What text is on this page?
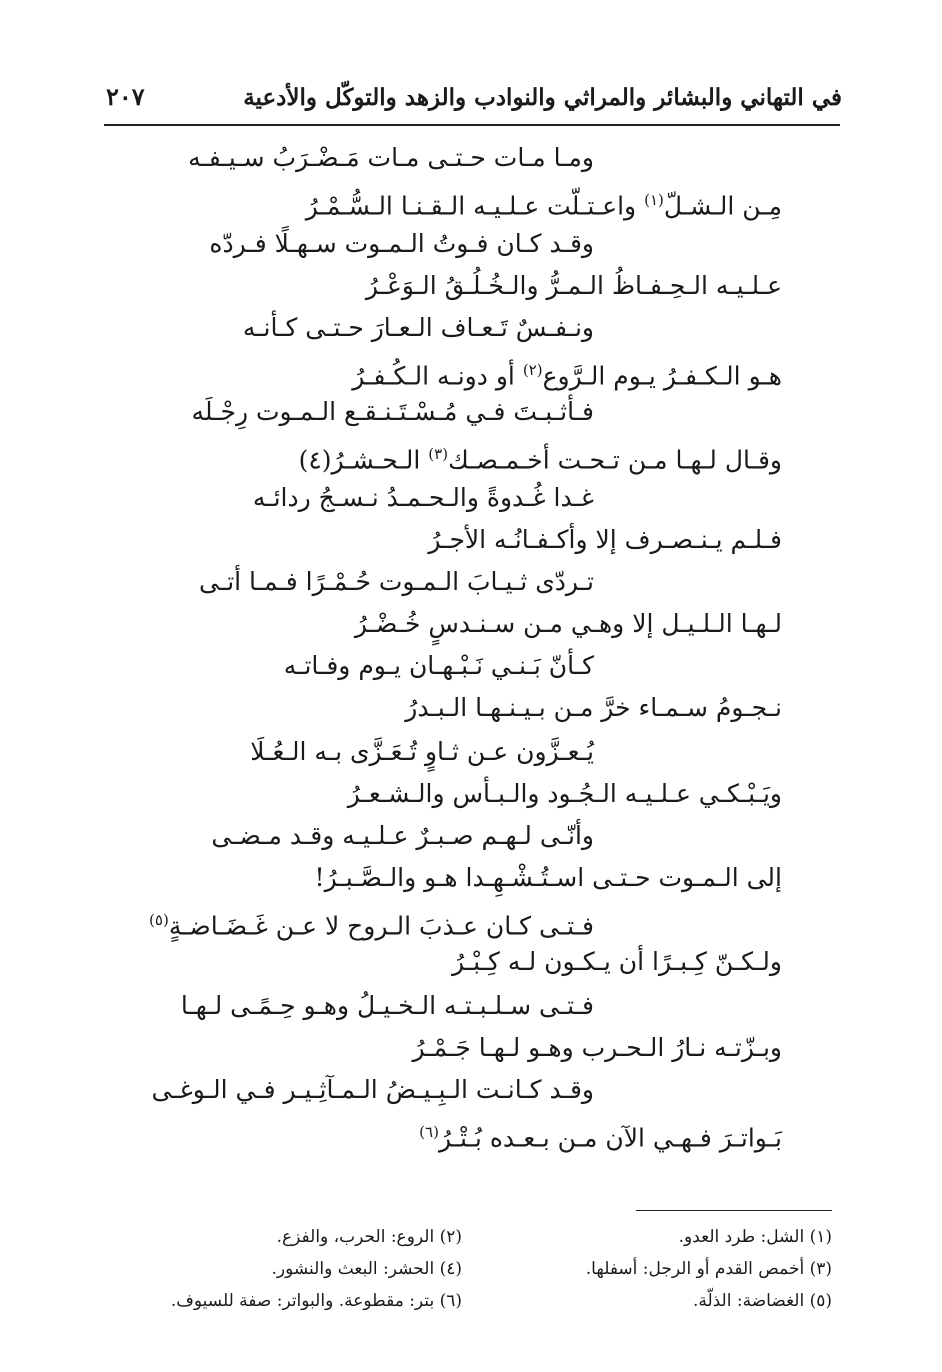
في التهاني والبشائر والمراثي والنوادب والزهد والتوكّل والأدعية
٢٠٧
ومـا مـات حـتـى مـات مَـضْـرَبُ سـيـفـه
مِـن الـشـلّ$^{(١)}$ واعـتـلّت عـلـيـه الـقـنـا الـسُّـمْـرُ
وقـد كـان فـوتُ الـمـوت سـهـلًا فـردّه
عـلـيـه الـحِـفـاظُ الـمـرُّ والـخُـلُـقُ الـوَعْـرُ
ونـفـسٌ تَـعـاف الـعـارَ حـتـى كـأنـه
هـو الـكـفـرُ يـوم الـرَّوع$^{(٢)}$ أو دونـه الـكُـفـرُ
فـأثـبـتَ فـي مُـسْـتَـنـقـع الـمـوت رِجْـلَه
وقـال لـهـا مـن تـحـت أخـمـصـك$^{(٣)}$ الـحـشـرُ(٤)
غـدا غُـدوةً والـحـمـدُ نـسـجُ ردائـه
فـلـم يـنـصـرف إلا وأكـفـانُـه الأجـرُ
تـردّى ثـيـابَ الـمـوت حُـمْـرًا فـمـا أتـى
لـهـا الـلـيـل إلا وهـي مـن سـنـدسٍ خُـضْـرُ
كـأنّ بَـنـي نَـبْـهـان يـوم وفـاتـه
نـجـومُ سـمـاء خرَّ مـن بـيـنـهـا الـبـدرُ
يُـعـزَّون عـن ثـاوٍ تُـعَـزَّى بـه الـعُـلَا
ويَـبْـكـي عـلـيـه الـجُـود والـبـأس والـشـعـرُ
وأنّـى لـهـم صـبـرٌ عـلـيـه وقـد مـضـى
إلى الـمـوت حـتـى اسـتُـشْـهِـدا هـو والـصَّـبـرُ!
فـتـى كـان عـذبَ الـروح لا عـن غَـضَـاضـةٍ$^{(٥)}$
ولـكـنّ كِـبـرًا أن يـكـون لـه كِـبْـرُ
فـتـى سـلـبـتـه الـخـيـلُ وهـو حِـمًـى لـهـا
وبـزّتـه نـارُ الـحـرب وهـو لـهـا جَـمْـرُ
وقـد كـانـت الـبِـيـضُ الـمـآثِـيـر فـي الـوغـى
بَـواتـرَ فـهـي الآن مـن بـعـده بُـتْـرُ$^{(٦)}$
(١) الشل: طرد العدو.
(٢) الروع: الحرب، والفزع.
(٣) أخمص القدم أو الرجل: أسفلها.
(٤) الحشر: البعث والنشور.
(٥) الغضاضة: الذلّة.
(٦) بتر: مقطوعة. والبواتر: صفة للسيوف.
